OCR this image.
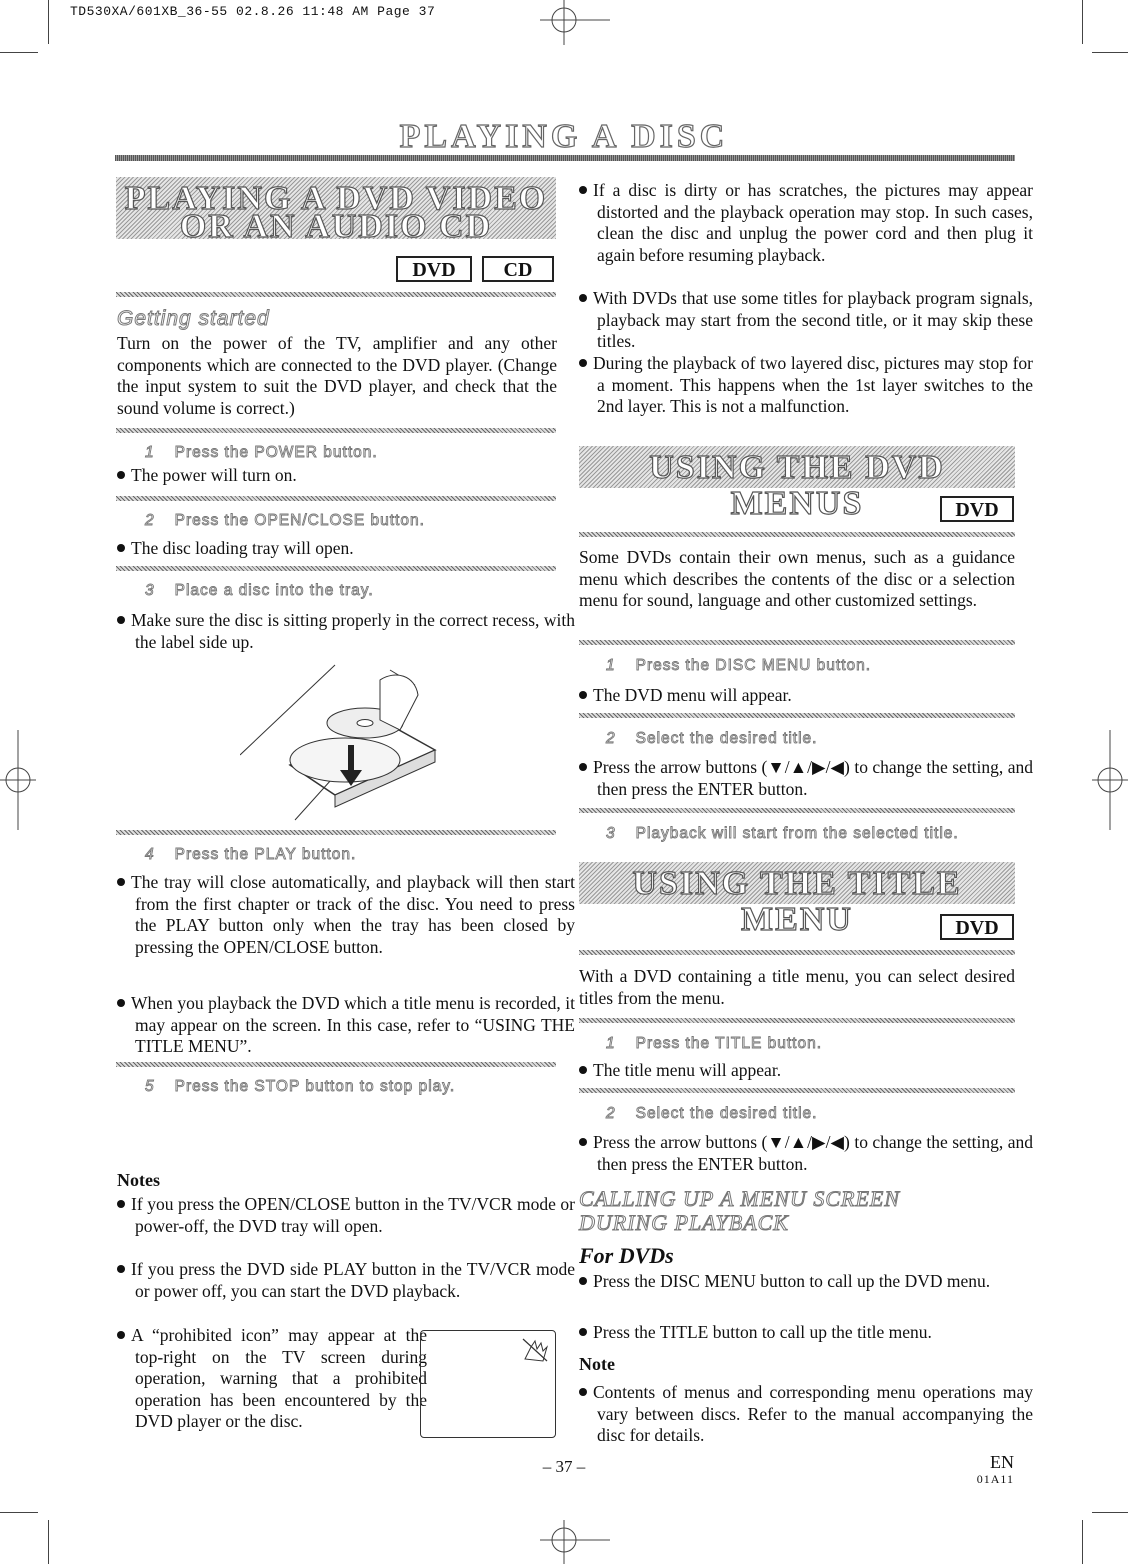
TD530XA/601XB_36-55 02.8.26 11:48 AM Page 37
PLAYING A DISC
PLAYING A DVD VIDEO
OR AN AUDIO CD
DVD	CD
Getting started
Turn on the power of the TV, amplifier and any other components which are connected to the DVD player. (Change the input system to suit the DVD player, and check that the sound volume is correct.)
1 Press the POWER button.
The power will turn on.
2 Press the OPEN/CLOSE button.
The disc loading tray will open.
3 Place a disc into the tray.
Make sure the disc is sitting properly in the correct recess, with the label side up.
4 Press the PLAY button.
The tray will close automatically, and playback will then start from the first chapter or track of the disc. You need to press the PLAY button only when the tray has been closed by pressing the OPEN/CLOSE button.
When you playback the DVD which a title menu is recorded, it may appear on the screen. In this case, refer to “USING THE TITLE MENU”.
5 Press the STOP button to stop play.
Notes
If you press the OPEN/CLOSE button in the TV/VCR mode or power-off, the DVD tray will open.
If you press the DVD side PLAY button in the TV/VCR mode or power off, you can start the DVD playback.
A “prohibited icon” may appear at the top-right on the TV screen during operation, warning that a prohibited operation has been encountered by the DVD player or the disc.
If a disc is dirty or has scratches, the pictures may appear distorted and the playback operation may stop. In such cases, clean the disc and unplug the power cord and then plug it again before resuming playback.
With DVDs that use some titles for playback program signals, playback may start from the second title, or it may skip these titles.
During the playback of two layered disc, pictures may stop for a moment. This happens when the 1st layer switches to the 2nd layer. This is not a malfunction.
USING THE DVD MENUS	DVD
Some DVDs contain their own menus, such as a guidance menu which describes the contents of the disc or a selection menu for sound, language and other customized settings.
1 Press the DISC MENU button.
The DVD menu will appear.
2 Select the desired title.
Press the arrow buttons (▼/▲/▶/◀) to change the setting, and then press the ENTER button.
3 Playback will start from the selected title.
USING THE TITLE MENU	DVD
With a DVD containing a title menu, you can select desired titles from the menu.
1 Press the TITLE button.
The title menu will appear.
2 Select the desired title.
Press the arrow buttons (▼/▲/▶/◀) to change the setting, and then press the ENTER button.
CALLING UP A MENU SCREEN
DURING PLAYBACK
For DVDs
Press the DISC MENU button to call up the DVD menu.
Press the TITLE button to call up the title menu.
Note
Contents of menus and corresponding menu operations may vary between discs. Refer to the manual accompanying the disc for details.
– 37 –	EN
01A11
